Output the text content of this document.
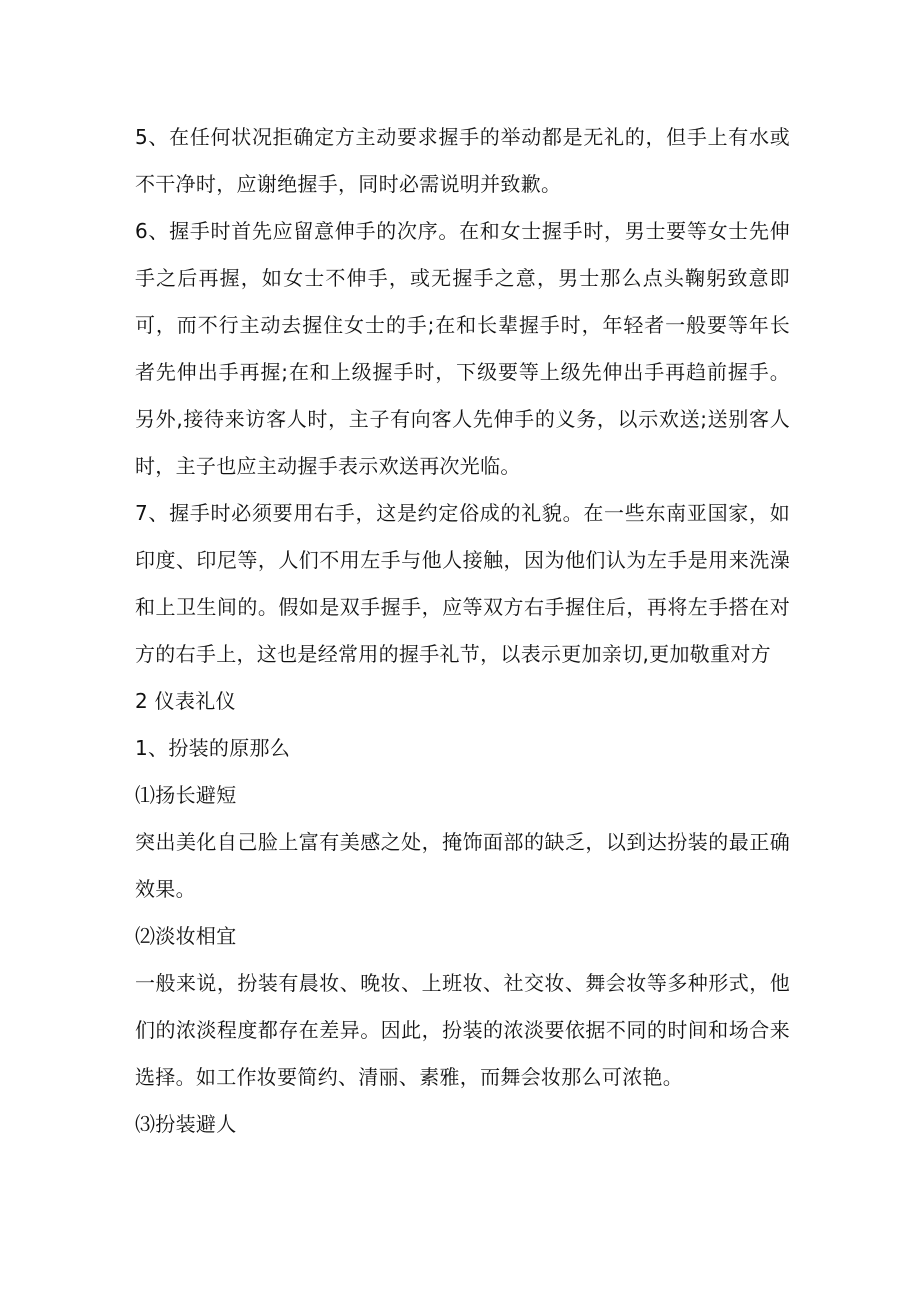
5、在任何状况拒确定方主动要求握手的举动都是无礼的，但手上有水或不干净时，应谢绝握手，同时必需说明并致歉。

6、握手时首先应留意伸手的次序。在和女士握手时，男士要等女士先伸手之后再握，如女士不伸手，或无握手之意，男士那么点头鞠躬致意即可，而不行主动去握住女士的手;在和长辈握手时，年轻者一般要等年长者先伸出手再握;在和上级握手时，下级要等上级先伸出手再趋前握手。另外,接待来访客人时，主子有向客人先伸手的义务，以示欢送;送别客人时，主子也应主动握手表示欢送再次光临。

7、握手时必须要用右手，这是约定俗成的礼貌。在一些东南亚国家，如印度、印尼等，人们不用左手与他人接触，因为他们认为左手是用来洗澡和上卫生间的。假如是双手握手，应等双方右手握住后，再将左手搭在对方的右手上，这也是经常用的握手礼节，以表示更加亲切,更加敬重对方

2 仪表礼仪

1、扮装的原那么

⑴扬长避短

突出美化自己脸上富有美感之处，掩饰面部的缺乏，以到达扮装的最正确效果。

⑵淡妆相宜

一般来说，扮装有晨妆、晚妆、上班妆、社交妆、舞会妆等多种形式，他们的浓淡程度都存在差异。因此，扮装的浓淡要依据不同的时间和场合来选择。如工作妆要简约、清丽、素雅，而舞会妆那么可浓艳。

⑶扮装避人
